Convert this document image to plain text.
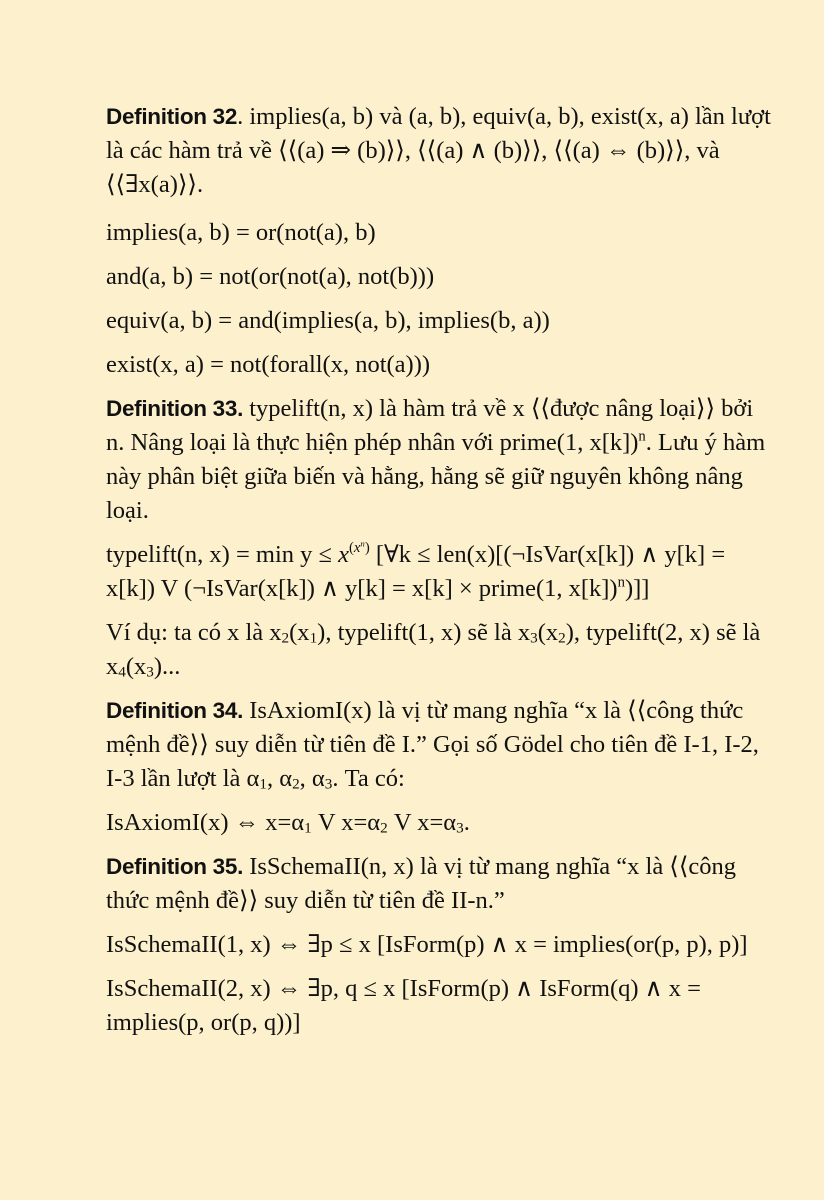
Definition 32. implies(a, b) và (a, b), equiv(a, b), exist(x, a) lần lượt là các hàm trả về ⟨⟨(a) ⇒ (b)⟩⟩, ⟨⟨(a) ∧ (b)⟩⟩, ⟨⟨(a) ⇔ (b)⟩⟩, và ⟨⟨∃x(a)⟩⟩.

implies(a, b) = or(not(a), b)

and(a, b) = not(or(not(a), not(b)))

equiv(a, b) = and(implies(a, b), implies(b, a))

exist(x, a) = not(forall(x, not(a)))

Definition 33. typelift(n, x) là hàm trả về x ⟨⟨được nâng loại⟩⟩ bởi n. Nâng loại là thực hiện phép nhân với prime(1, x[k])$^n$. Lưu ý hàm này phân biệt giữa biến và hằng, hằng sẽ giữ nguyên không nâng loại.

typelift(n, $x) = \min y \le x^{(x^n)}$ [∀k ≤ len(x)[(¬IsVar(x[k]) ∧ y[k] = x[k]) V (¬IsVar(x[k]) ∧ y[k] = x[k] × prime(1, x[k])$^n$)]]

Ví dụ: ta có x là $x_2(x_1)$, typelift(1, x) sẽ là $x_3(x_2)$, typelift(2, x) sẽ là $x_4(x_3)$...

Definition 34. IsAxiomI(x) là vị từ mang nghĩa “x là ⟨⟨công thức mệnh đề⟩⟩ suy diễn từ tiên đề I.” Gọi số Gödel cho tiên đề I-1, I-2, I-3 lần lượt là $\alpha_1$, $\alpha_2$, $\alpha_3$. Ta có:

IsAxiomI(x) ⇔ $x=\alpha_1$ V $x=\alpha_2$ V $x=\alpha_3$.

Definition 35. IsSchemaII(n, x) là vị từ mang nghĩa “x là ⟨⟨công thức mệnh đề⟩⟩ suy diễn từ tiên đề II-n.”

IsSchemaII(1, x) ⇔ ∃p ≤ x [IsForm(p) ∧ x = implies(or(p, p), p)]

IsSchemaII(2, x) ⇔ ∃p, q ≤ x [IsForm(p) ∧ IsForm(q) ∧ x = implies(p, or(p, q))]
